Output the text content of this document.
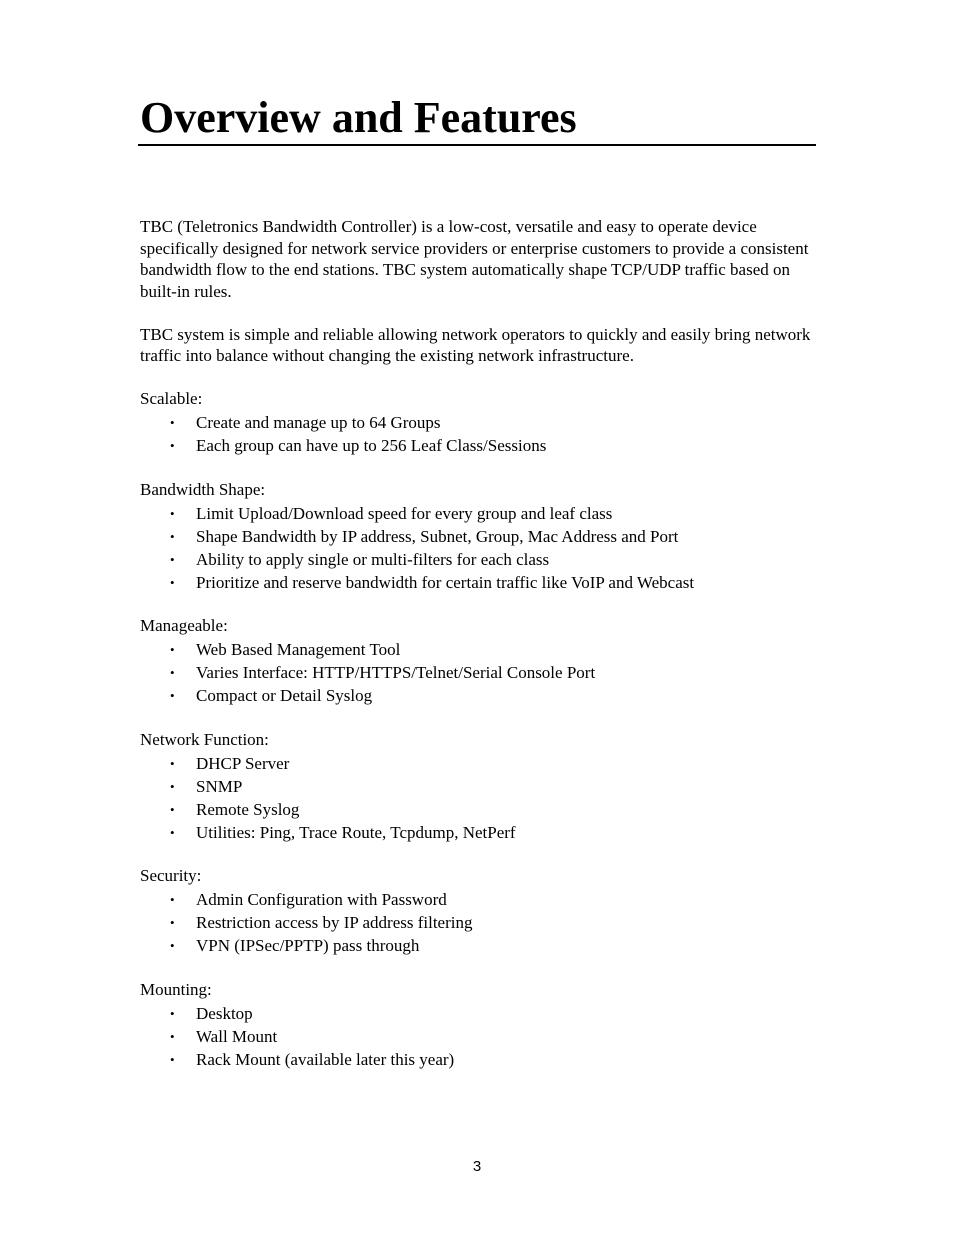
Overview and Features

TBC (Teletronics Bandwidth Controller) is a low-cost, versatile and easy to operate device specifically designed for network service providers or enterprise customers to provide a consistent bandwidth flow to the end stations. TBC system automatically shape TCP/UDP traffic based on built-in rules.

TBC system is simple and reliable allowing network operators to quickly and easily bring network traffic into balance without changing the existing network infrastructure.

Scalable:

• Create and manage up to 64 Groups
• Each group can have up to 256 Leaf Class/Sessions

Bandwidth Shape:

• Limit Upload/Download speed for every group and leaf class
• Shape Bandwidth by IP address, Subnet, Group, Mac Address and Port
• Ability to apply single or multi-filters for each class
• Prioritize and reserve bandwidth for certain traffic like VoIP and Webcast

Manageable:

• Web Based Management Tool
• Varies Interface: HTTP/HTTPS/Telnet/Serial Console Port
• Compact or Detail Syslog

Network Function:

• DHCP Server
• SNMP
• Remote Syslog
• Utilities: Ping, Trace Route, Tcpdump, NetPerf

Security:

• Admin Configuration with Password
• Restriction access by IP address filtering
• VPN (IPSec/PPTP) pass through

Mounting:

• Desktop
• Wall Mount
• Rack Mount (available later this year)
3
